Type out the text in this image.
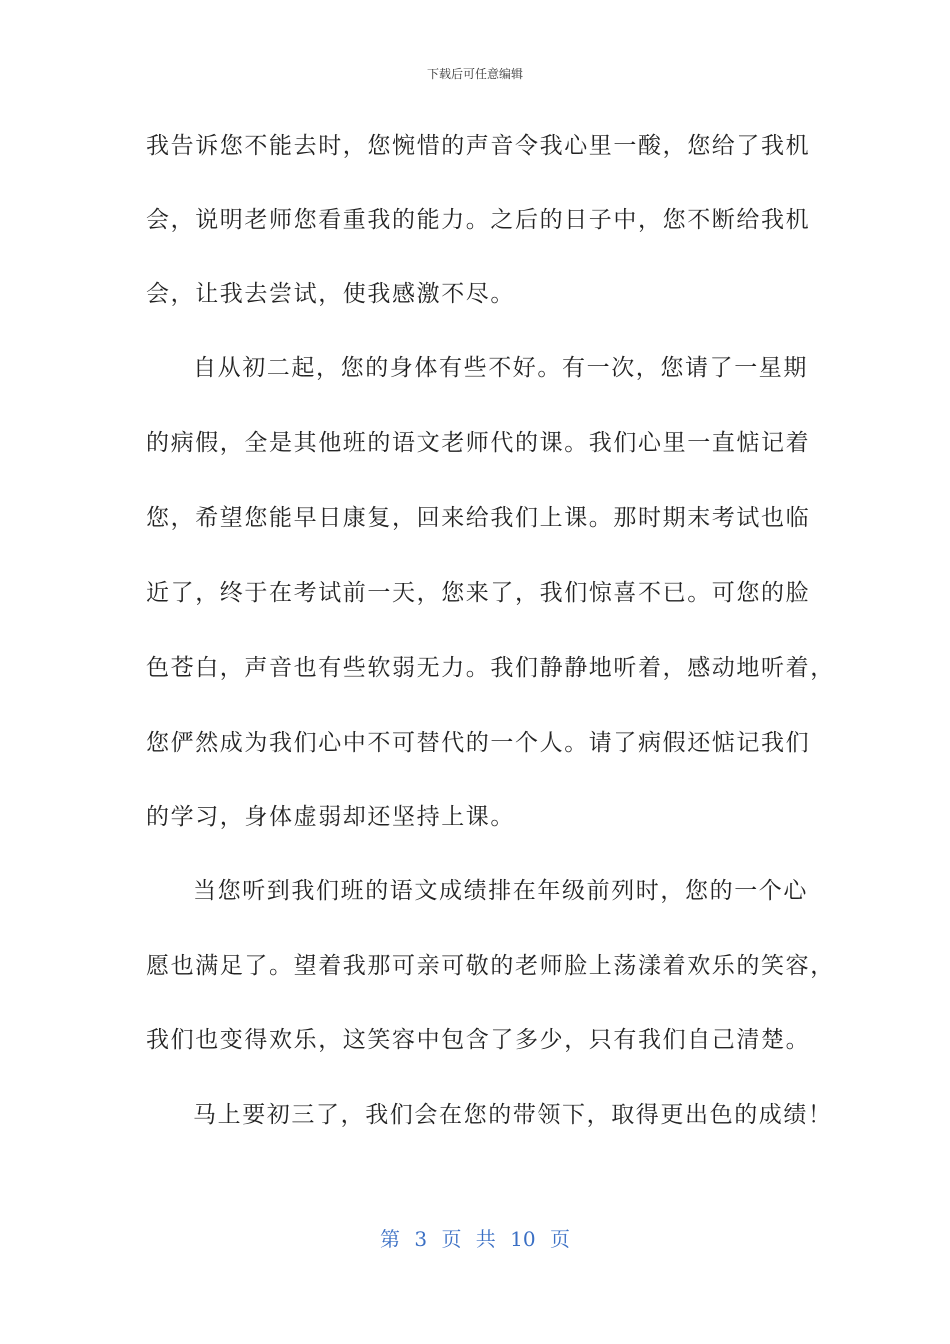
下载后可任意编辑
我告诉您不能去时，您惋惜的声音令我心里一酸，您给了我机
会，说明老师您看重我的能力。之后的日子中，您不断给我机
会，让我去尝试，使我感激不尽。
自从初二起，您的身体有些不好。有一次，您请了一星期
的病假，全是其他班的语文老师代的课。我们心里一直惦记着
您，希望您能早日康复，回来给我们上课。那时期末考试也临
近了，终于在考试前一天，您来了，我们惊喜不已。可您的脸
色苍白，声音也有些软弱无力。我们静静地听着，感动地听着，
您俨然成为我们心中不可替代的一个人。请了病假还惦记我们
的学习，身体虚弱却还坚持上课。
当您听到我们班的语文成绩排在年级前列时，您的一个心
愿也满足了。望着我那可亲可敬的老师脸上荡漾着欢乐的笑容，
我们也变得欢乐，这笑容中包含了多少，只有我们自己清楚。
马上要初三了，我们会在您的带领下，取得更出色的成绩！
第 3 页 共 10 页
